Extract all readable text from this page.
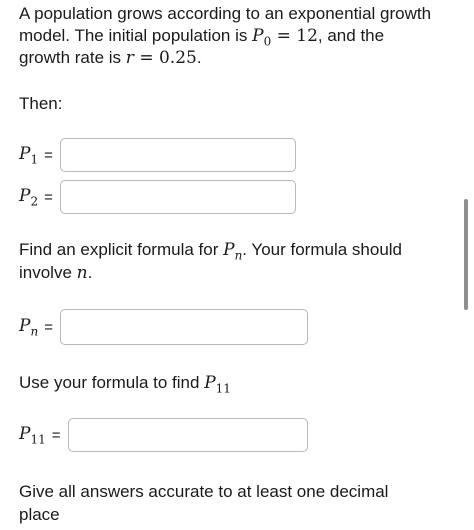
A population grows according to an exponential growth
model. The initial population is $P_0 = 12$, and the
growth rate is r = 0.25.
Then:
$P_1$ =
$P_2$ =
Find an explicit formula for $P_n$. Your formula should
involve n.
$P_n$ =
Use your formula to find $P_{11}$
$P_{11}$ =
Give all answers accurate to at least one decimal
place
